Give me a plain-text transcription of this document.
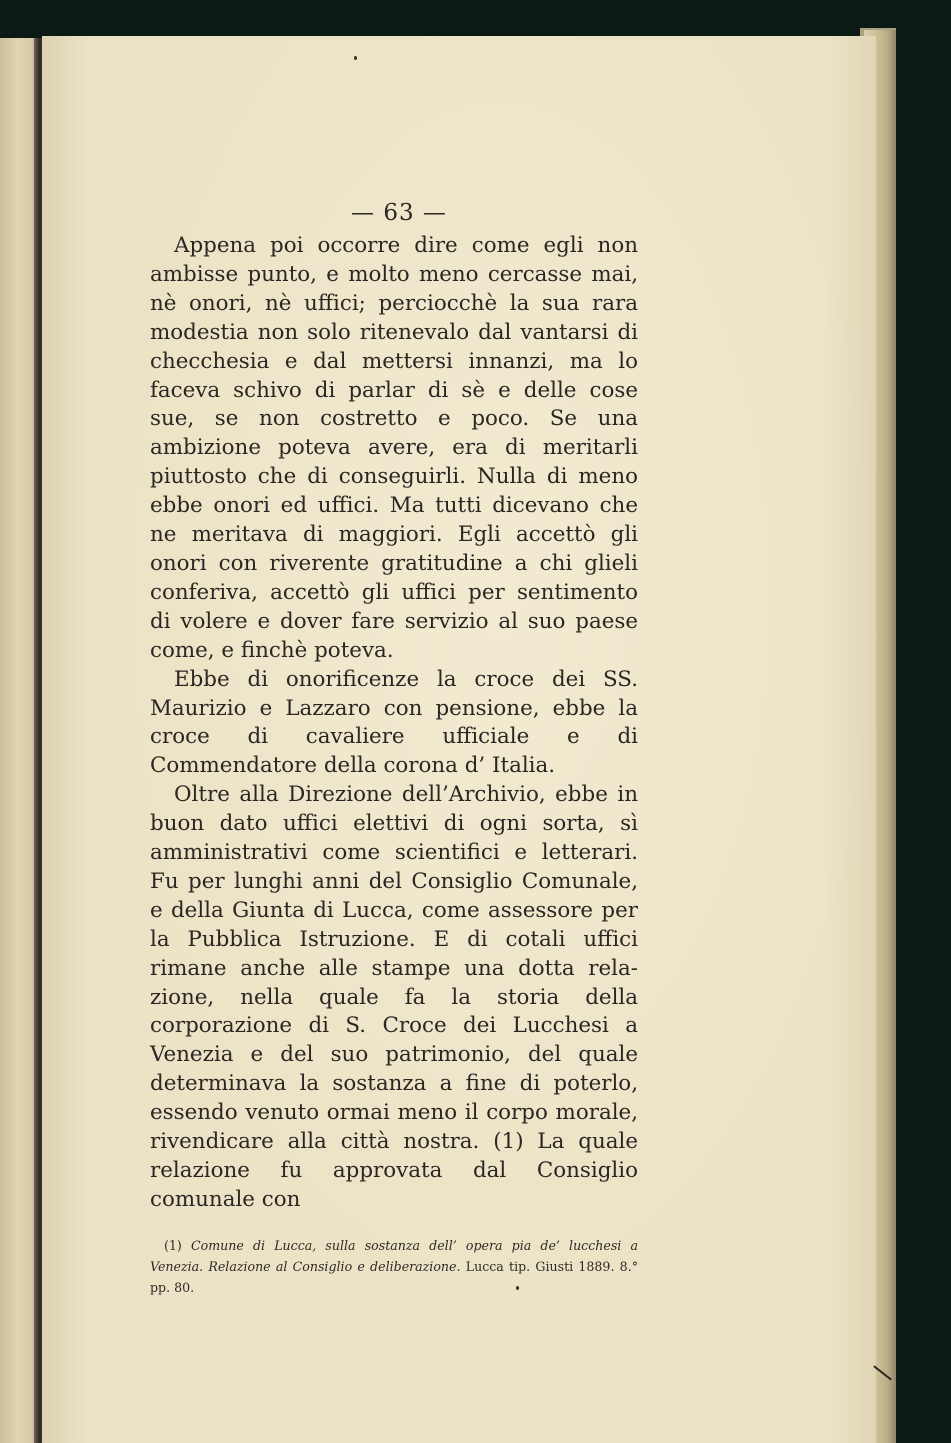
— 63 —

Appena poi occorre dire come egli non ambisse punto, e molto meno cercasse mai, nè onori, nè uffici; perciocchè la sua rara modestia non solo ritenevalo dal vantarsi di checchesia e dal mettersi innanzi, ma lo faceva schivo di parlar di sè e delle cose sue, se non costretto e poco. Se una ambizione poteva avere, era di meritarli piuttosto che di conseguirli. Nulla di meno ebbe onori ed uffici. Ma tutti dicevano che ne meritava di maggiori. Egli accettò gli onori con riverente gratitudine a chi glieli conferiva, accettò gli uffici per sentimento di volere e dover fare servizio al suo paese come, e finchè poteva.

Ebbe di onorificenze la croce dei SS. Maurizio e Lazzaro con pensione, ebbe la croce di cavaliere ufficiale e di Commendatore della corona d’ Italia.

Oltre alla Direzione dell’Archivio, ebbe in buon dato uffici elettivi di ogni sorta, sì amministrativi come scientifici e letterari. Fu per lunghi anni del Consiglio Comunale, e della Giunta di Lucca, come assessore per la Pubblica Istruzione. E di cotali uffici rimane anche alle stampe una dotta relazione, nella quale fa la storia della corporazione di S. Croce dei Lucchesi a Venezia e del suo patrimonio, del quale determinava la sostanza a fine di poterlo, essendo venuto ormai meno il corpo morale, rivendicare alla città nostra. (1) La quale relazione fu approvata dal Consiglio comunale con

(1) Comune di Lucca, sulla sostanza dell’ opera pia de’ lucchesi a Venezia. Relazione al Consiglio e deliberazione. Lucca tip. Giusti 1889. 8.° pp. 80.
